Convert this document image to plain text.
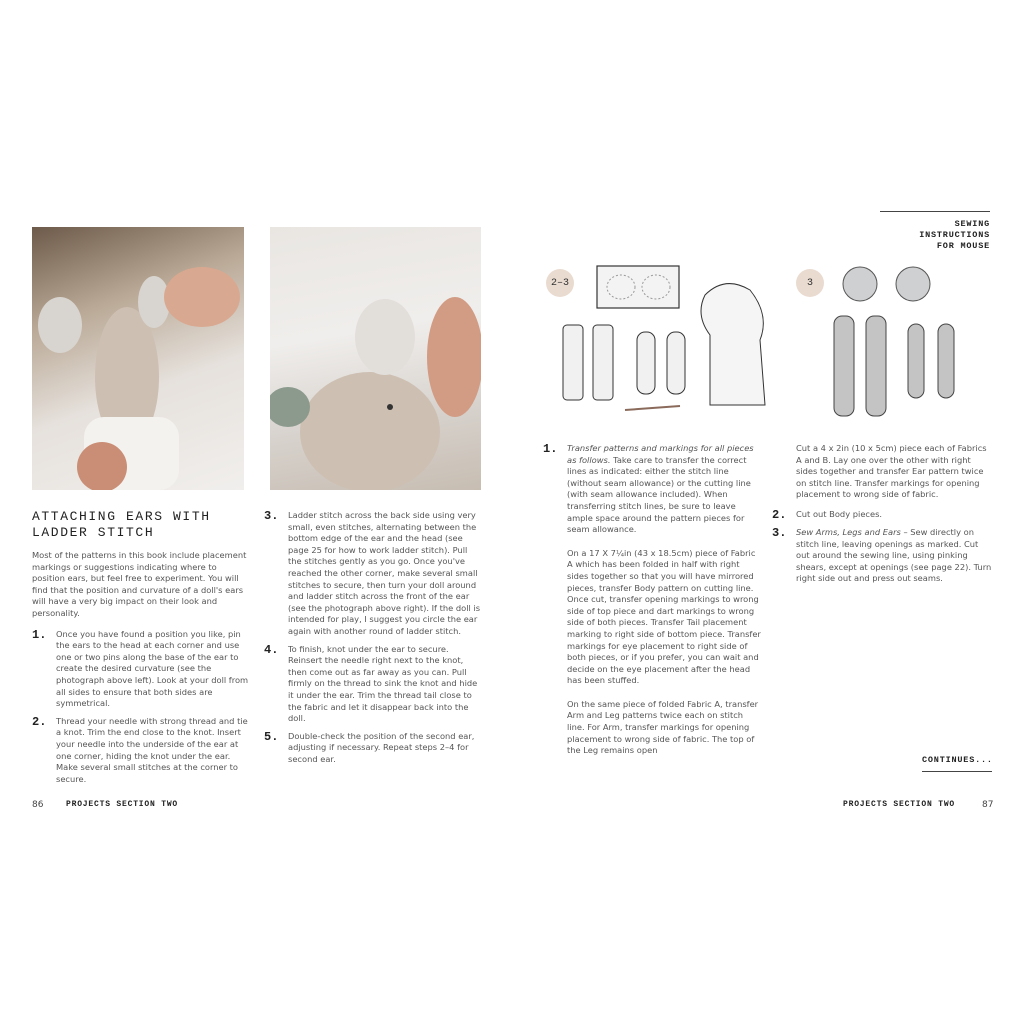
ATTACHING EARS WITH LADDER STITCH

Most of the patterns in this book include placement markings or suggestions indicating where to position ears, but feel free to experiment. You will find that the position and curvature of a doll's ears will have a very big impact on their look and personality.

1.	Once you have found a position you like, pin the ears to the head at each corner and use one or two pins along the base of the ear to create the desired curvature (see the photograph above left). Look at your doll from all sides to ensure that both sides are symmetrical.
2.	Thread your needle with strong thread and tie a knot. Trim the end close to the knot. Insert your needle into the underside of the ear at one corner, hiding the knot under the ear. Make several small stitches at the corner to secure.
3.	Ladder stitch across the back side using very small, even stitches, alternating between the bottom edge of the ear and the head (see page 25 for how to work ladder stitch). Pull the stitches gently as you go. Once you've reached the other corner, make several small stitches to secure, then turn your doll around and ladder stitch across the front of the ear (see the photograph above right). If the doll is intended for play, I suggest you circle the ear again with another round of ladder stitch.
4.	To finish, knot under the ear to secure. Reinsert the needle right next to the knot, then come out as far away as you can. Pull firmly on the thread to sink the knot and hide it under the ear. Trim the thread tail close to the fabric and let it disappear back into the doll.
5.	Double-check the position of the second ear, adjusting if necessary. Repeat steps 2–4 for second ear.
86	PROJECTS SECTION TWO
SEWING INSTRUCTIONS
FOR MOUSE
2–3	3
1.	Transfer patterns and markings for all pieces as follows. Take care to transfer the correct lines as indicated: either the stitch line (without seam allowance) or the cutting line (with seam allowance included). When transferring stitch lines, be sure to leave ample space around the pattern pieces for seam allowance.

On a 17 X 7¼in (43 x 18.5cm) piece of Fabric A which has been folded in half with right sides together so that you will have mirrored pieces, transfer Body pattern on cutting line. Once cut, transfer opening markings to wrong side of top piece and dart markings to wrong side of both pieces. Transfer Tail placement marking to right side of bottom piece. Transfer markings for eye placement to right side of both pieces, or if you prefer, you can wait and decide on the eye placement after the head has been stuffed.

On the same piece of folded Fabric A, transfer Arm and Leg patterns twice each on stitch line. For Arm, transfer markings for opening placement to wrong side of fabric. The top of the Leg remains open

Cut a 4 x 2in (10 x 5cm) piece each of Fabrics A and B. Lay one over the other with right sides together and transfer Ear pattern twice on stitch line. Transfer markings for opening placement to wrong side of fabric.

2.	Cut out Body pieces.
3.	Sew Arms, Legs and Ears – Sew directly on stitch line, leaving openings as marked. Cut out around the sewing line, using pinking shears, except at openings (see page 22). Turn right side out and press out seams.
CONTINUES...
PROJECTS SECTION TWO	87
